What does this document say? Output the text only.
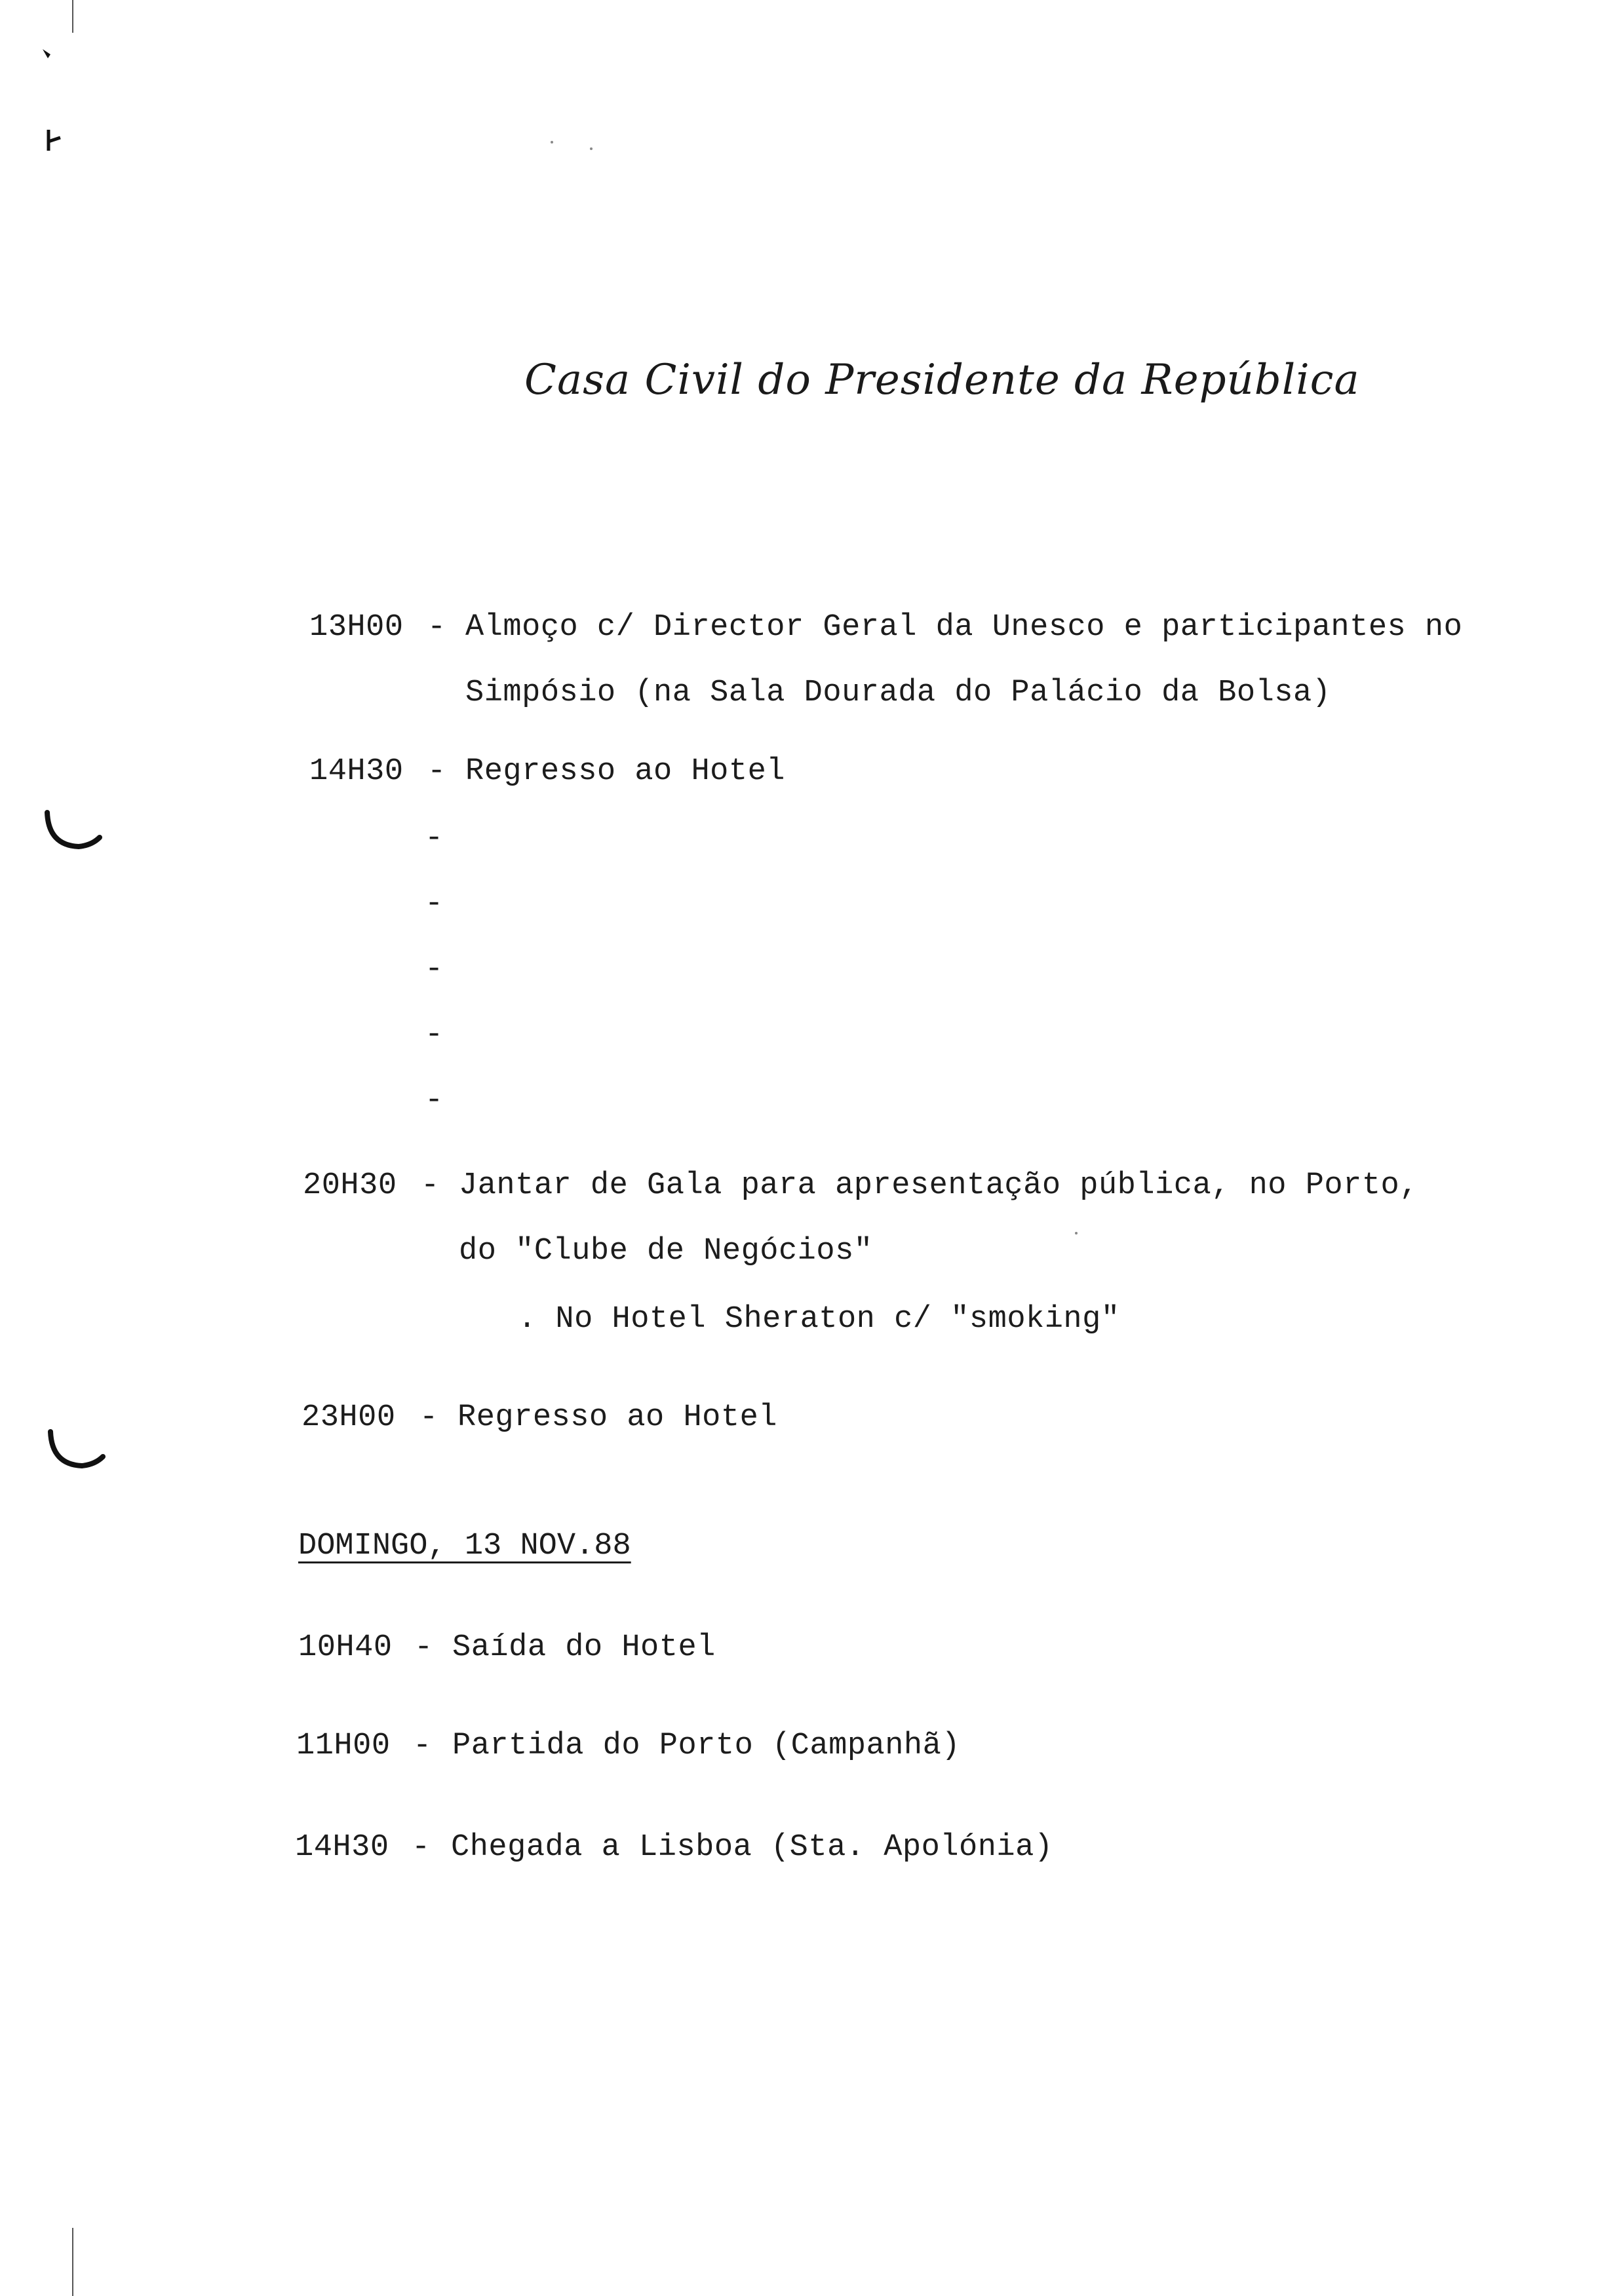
Casa Civil do Presidente da República
13H00 - Almoço c/ Director Geral da Unesco e participantes no
Simpósio (na Sala Dourada do Palácio da Bolsa)
14H30 - Regresso ao Hotel
-
-
-
-
-
20H30 - Jantar de Gala para apresentação pública, no Porto,
do "Clube de Negócios"
. No Hotel Sheraton c/ "smoking"
23H00 - Regresso ao Hotel
DOMINGO, 13 NOV.88
10H40 - Saída do Hotel
11H00 - Partida do Porto (Campanhã)
14H30 - Chegada a Lisboa (Sta. Apolónia)
